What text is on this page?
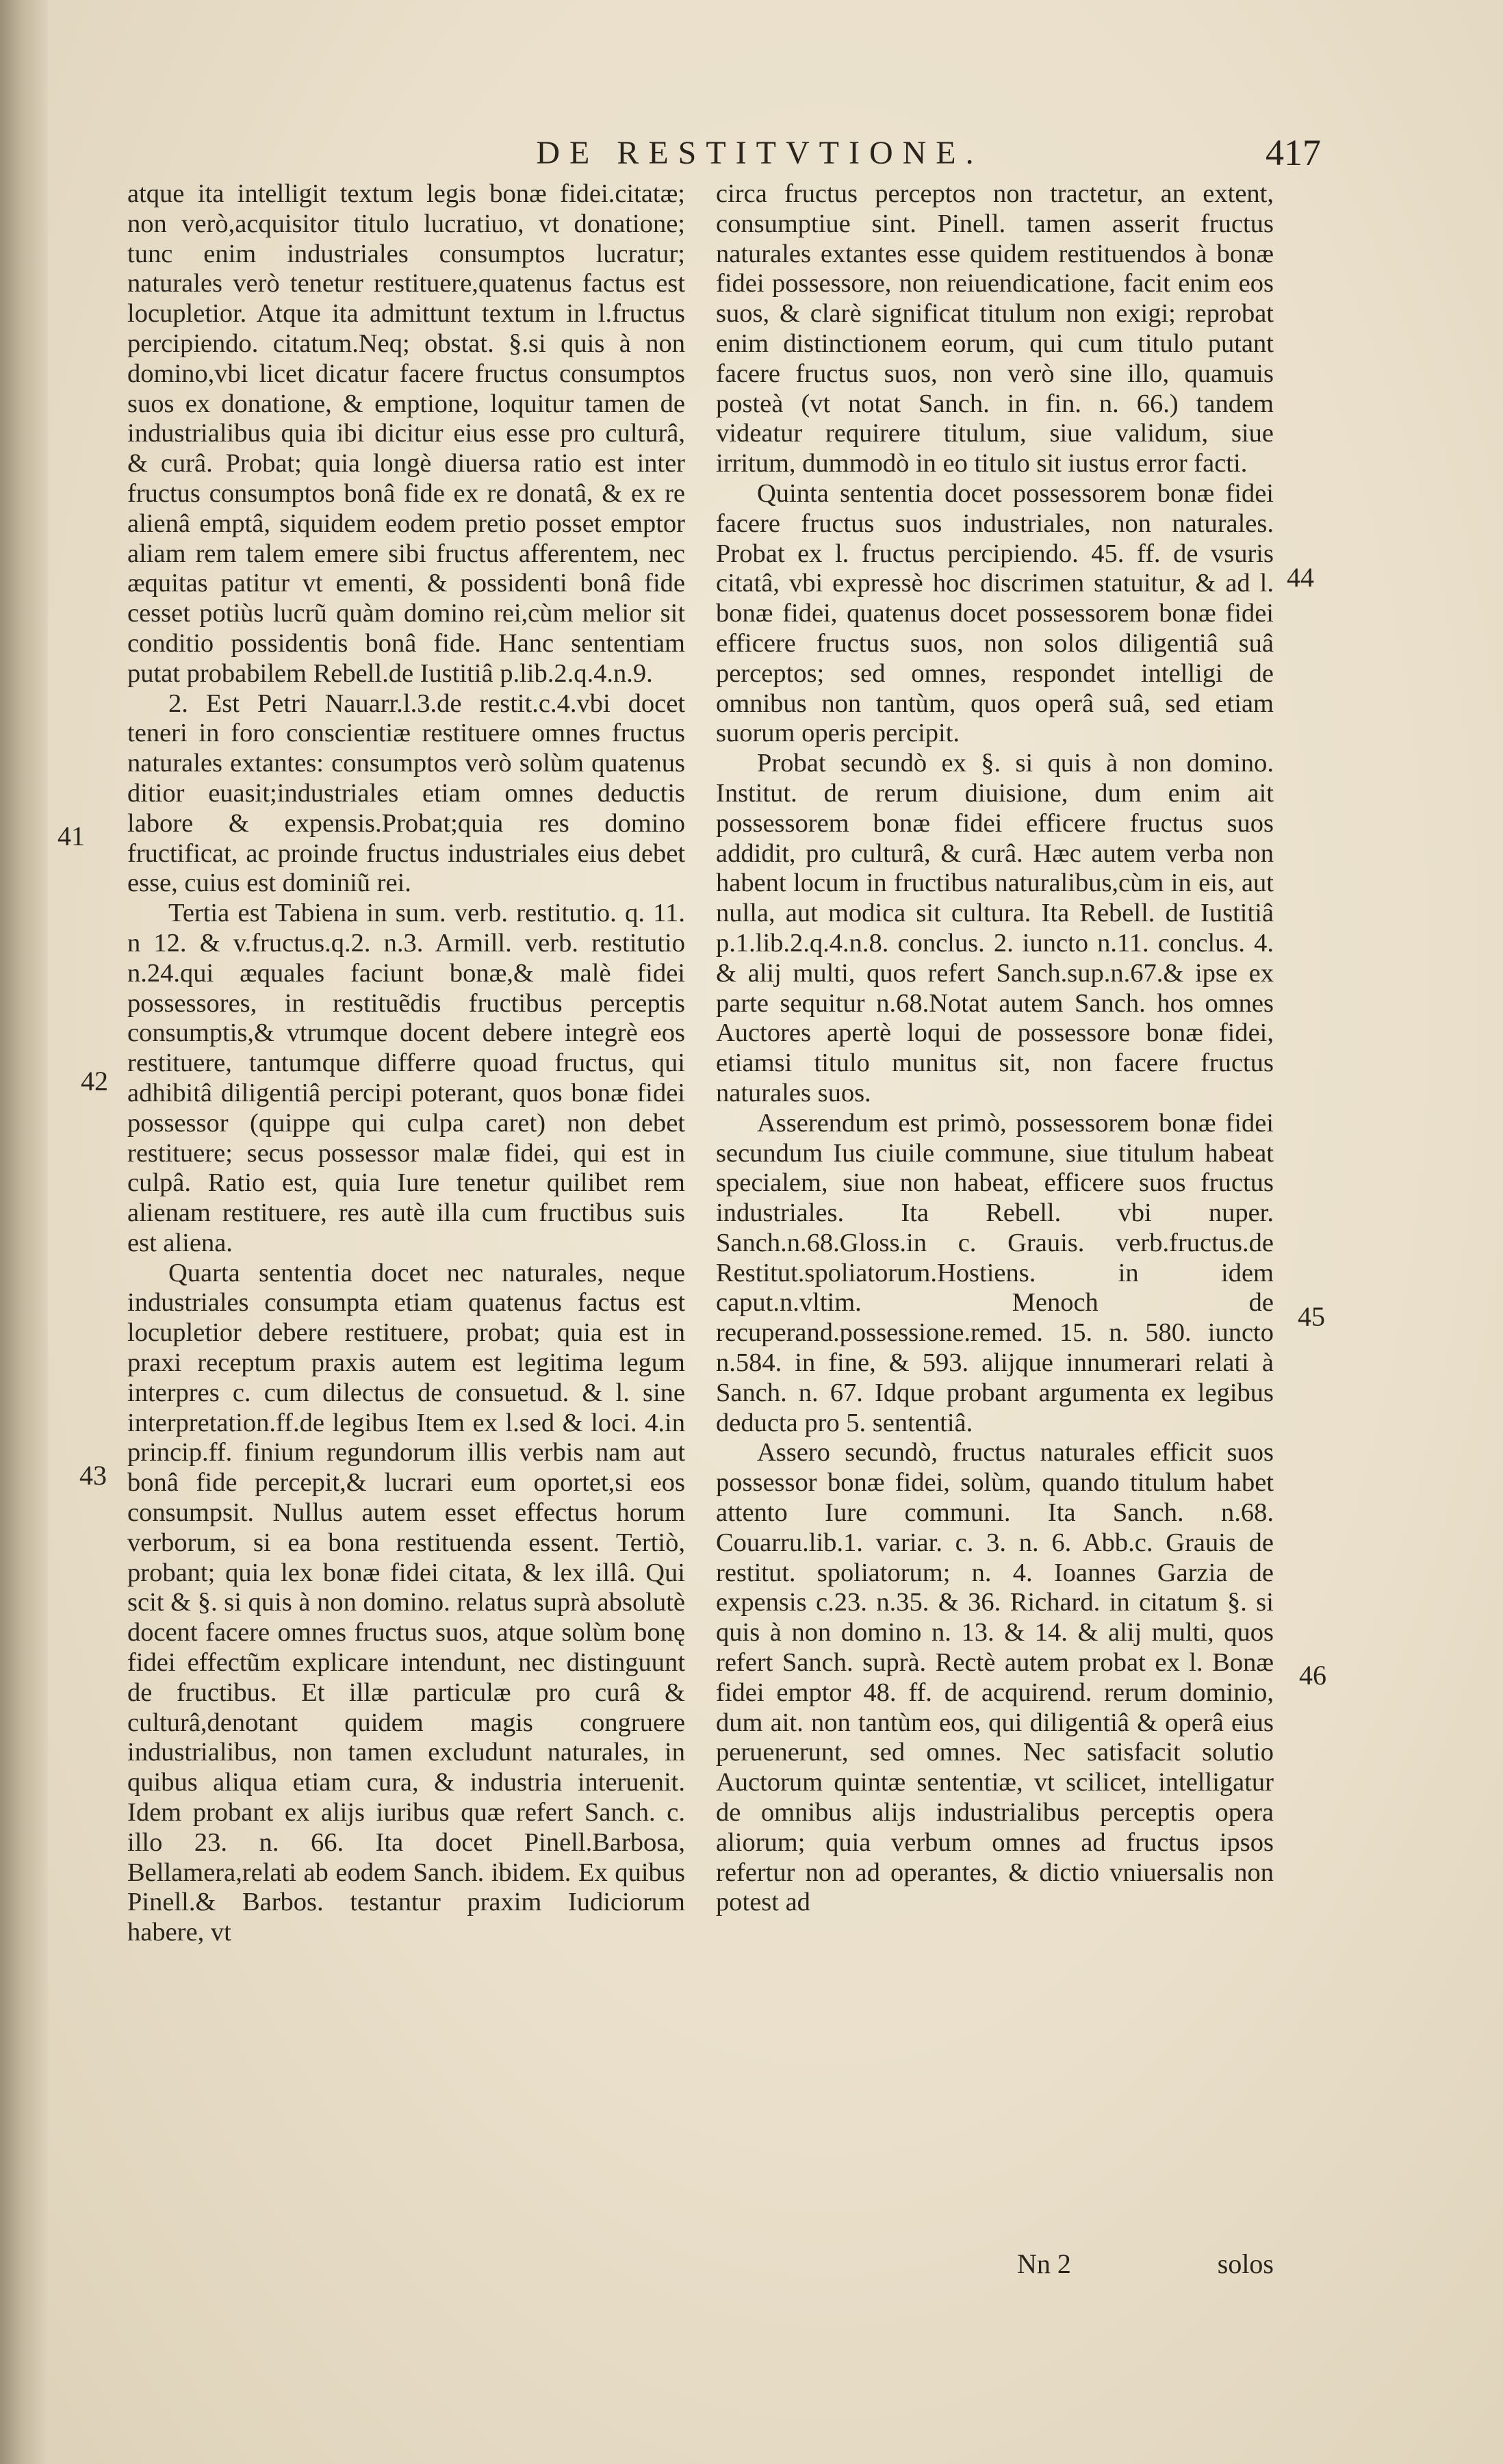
DE RESTITVTIONE.	417
41
42
43
44
45
46

atque ita intelligit textum legis bonæ fidei.citatæ; non verò,acquisitor titulo lucratiuo, vt donatione; tunc enim industriales consumptos lucratur; naturales verò tenetur restituere,quatenus factus est locupletior. Atque ita admittunt textum in l.fructus percipiendo. citatum.Neq; obstat. §.si quis à non domino,vbi licet dicatur facere fructus consumptos suos ex donatione, & emptione, loquitur tamen de industrialibus quia ibi dicitur eius esse pro culturâ, & curâ. Probat; quia longè diuersa ratio est inter fructus consumptos bonâ fide ex re donatâ, & ex re alienâ emptâ, siquidem eodem pretio posset emptor aliam rem talem emere sibi fructus afferentem, nec æquitas patitur vt ementi, & possidenti bonâ fide cesset potiùs lucrũ quàm domino rei,cùm melior sit conditio possidentis bonâ fide. Hanc sententiam putat probabilem Rebell.de Iustitiâ p.lib.2.q.4.n.9.

2. Est Petri Nauarr.l.3.de restit.c.4.vbi docet teneri in foro conscientiæ restituere omnes fructus naturales extantes: consumptos verò solùm quatenus ditior euasit;industriales etiam omnes deductis labore & expensis.Probat;quia res domino fructificat, ac proinde fructus industriales eius debet esse, cuius est dominiũ rei.

Tertia est Tabiena in sum. verb. restitutio. q. 11. n 12. & v.fructus.q.2. n.3. Armill. verb. restitutio n.24.qui æquales faciunt bonæ,& malè fidei possessores, in restituẽdis fructibus perceptis consumptis,& vtrumque docent debere integrè eos restituere, tantumque differre quoad fructus, qui adhibitâ diligentiâ percipi poterant, quos bonæ fidei possessor (quippe qui culpa caret) non debet restituere; secus possessor malæ fidei, qui est in culpâ. Ratio est, quia Iure tenetur quilibet rem alienam restituere, res autè illa cum fructibus suis est aliena.

Quarta sententia docet nec naturales, neque industriales consumpta etiam quatenus factus est locupletior debere restituere, probat; quia est in praxi receptum praxis autem est legitima legum interpres c. cum dilectus de consuetud. & l. sine interpretation.ff.de legibus Item ex l.sed & loci. 4.in princip.ff. finium regundorum illis verbis nam aut bonâ fide percepit,& lucrari eum oportet,si eos consumpsit. Nullus autem esset effectus horum verborum, si ea bona restituenda essent. Tertiò, probant; quia lex bonæ fidei citata, & lex illâ. Qui scit & §. si quis à non domino. relatus suprà absolutè docent facere omnes fructus suos, atque solùm bonę fidei effectũm explicare intendunt, nec distinguunt de fructibus. Et illæ particulæ pro curâ & culturâ,denotant quidem magis congruere industrialibus, non tamen excludunt naturales, in quibus aliqua etiam cura, & industria interuenit. Idem probant ex alijs iuribus quæ refert Sanch. c. illo 23. n. 66. Ita docet Pinell.Barbosa, Bellamera,relati ab eodem Sanch. ibidem. Ex quibus Pinell.& Barbos. testantur praxim Iudiciorum habere, vt

circa fructus perceptos non tractetur, an extent, consumptiue sint. Pinell. tamen asserit fructus naturales extantes esse quidem restituendos à bonæ fidei possessore, non reiuendicatione, facit enim eos suos, & clarè significat titulum non exigi; reprobat enim distinctionem eorum, qui cum titulo putant facere fructus suos, non verò sine illo, quamuis posteà (vt notat Sanch. in fin. n. 66.) tandem videatur requirere titulum, siue validum, siue irritum, dummodò in eo titulo sit iustus error facti.

Quinta sententia docet possessorem bonæ fidei facere fructus suos industriales, non naturales. Probat ex l. fructus percipiendo. 45. ff. de vsuris citatâ, vbi expressè hoc discrimen statuitur, & ad l. bonæ fidei, quatenus docet possessorem bonæ fidei efficere fructus suos, non solos diligentiâ suâ perceptos; sed omnes, respondet intelligi de omnibus non tantùm, quos operâ suâ, sed etiam suorum operis percipit.

Probat secundò ex §. si quis à non domino. Institut. de rerum diuisione, dum enim ait possessorem bonæ fidei efficere fructus suos addidit, pro culturâ, & curâ. Hæc autem verba non habent locum in fructibus naturalibus,cùm in eis, aut nulla, aut modica sit cultura. Ita Rebell. de Iustitiâ p.1.lib.2.q.4.n.8. conclus. 2. iuncto n.11. conclus. 4. & alij multi, quos refert Sanch.sup.n.67.& ipse ex parte sequitur n.68.Notat autem Sanch. hos omnes Auctores apertè loqui de possessore bonæ fidei, etiamsi titulo munitus sit, non facere fructus naturales suos.

Asserendum est primò, possessorem bonæ fidei secundum Ius ciuile commune, siue titulum habeat specialem, siue non habeat, efficere suos fructus industriales. Ita Rebell. vbi nuper. Sanch.n.68.Gloss.in c. Grauis. verb.fructus.de Restitut.spoliatorum.Hostiens. in idem caput.n.vltim. Menoch de recuperand.possessione.remed. 15. n. 580. iuncto n.584. in fine, & 593. alijque innumerari relati à Sanch. n. 67. Idque probant argumenta ex legibus deducta pro 5. sententiâ.

Assero secundò, fructus naturales efficit suos possessor bonæ fidei, solùm, quando titulum habet attento Iure communi. Ita Sanch. n.68. Couarru.lib.1. variar. c. 3. n. 6. Abb.c. Grauis de restitut. spoliatorum; n. 4. Ioannes Garzia de expensis c.23. n.35. & 36. Richard. in citatum §. si quis à non domino n. 13. & 14. & alij multi, quos refert Sanch. suprà. Rectè autem probat ex l. Bonæ fidei emptor 48. ff. de acquirend. rerum dominio, dum ait. non tantùm eos, qui diligentiâ & operâ eius peruenerunt, sed omnes. Nec satisfacit solutio Auctorum quintæ sententiæ, vt scilicet, intelligatur de omnibus alijs industrialibus perceptis opera aliorum; quia verbum omnes ad fructus ipsos refertur non ad operantes, & dictio vniuersalis non potest ad

Nn 2	solos
